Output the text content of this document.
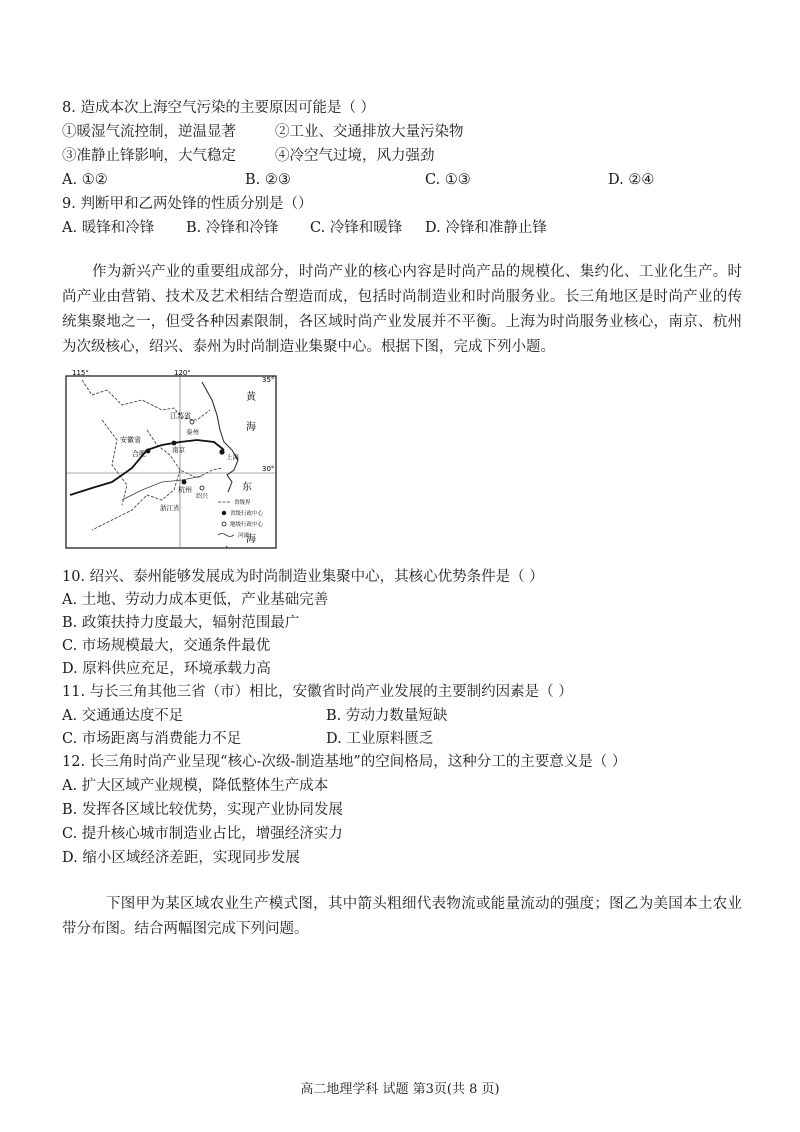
8. 造成本次上海空气污染的主要原因可能是（ ）
①暖湿气流控制，逆温显著	②工业、交通排放大量污染物
③准静止锋影响，大气稳定	④冷空气过境，风力强劲
A. ①②	B. ②③	C. ①③	D. ②④
9. 判断甲和乙两处锋的性质分别是（）
A. 暖锋和冷锋 B. 冷锋和冷锋 C. 冷锋和暖锋 D. 冷锋和准静止锋
作为新兴产业的重要组成部分，时尚产业的核心内容是时尚产品的规模化、集约化、工业化生产。时尚产业由营销、技术及艺术相结合塑造而成，包括时尚制造业和时尚服务业。长三角地区是时尚产业的传统集聚地之一，但受各种因素限制，各区域时尚产业发展并不平衡。上海为时尚服务业核心，南京、杭州为次级核心，绍兴、泰州为时尚制造业集聚中心。根据下图，完成下列小题。
115°	120°
35°
30°
江苏省
泰州
安徽省
合肥	南京
上海
杭州
绍兴
浙江省
黄
海
东
海
省级界
省级行政中心
地级行政中心
河流
10. 绍兴、泰州能够发展成为时尚制造业集聚中心，其核心优势条件是（ ）
A. 土地、劳动力成本更低，产业基础完善
B. 政策扶持力度最大，辐射范围最广
C. 市场规模最大，交通条件最优
D. 原料供应充足，环境承载力高
11. 与长三角其他三省（市）相比，安徽省时尚产业发展的主要制约因素是（ ）
A. 交通通达度不足	B. 劳动力数量短缺
C. 市场距离与消费能力不足	D. 工业原料匮乏
12. 长三角时尚产业呈现“核心-次级-制造基地”的空间格局，这种分工的主要意义是（ ）
A. 扩大区域产业规模，降低整体生产成本
B. 发挥各区域比较优势，实现产业协同发展
C. 提升核心城市制造业占比，增强经济实力
D. 缩小区域经济差距，实现同步发展
下图甲为某区域农业生产模式图，其中箭头粗细代表物流或能量流动的强度；图乙为美国本土农业带分布图。结合两幅图完成下列问题。
高二地理学科 试题 第3页(共 8 页)
